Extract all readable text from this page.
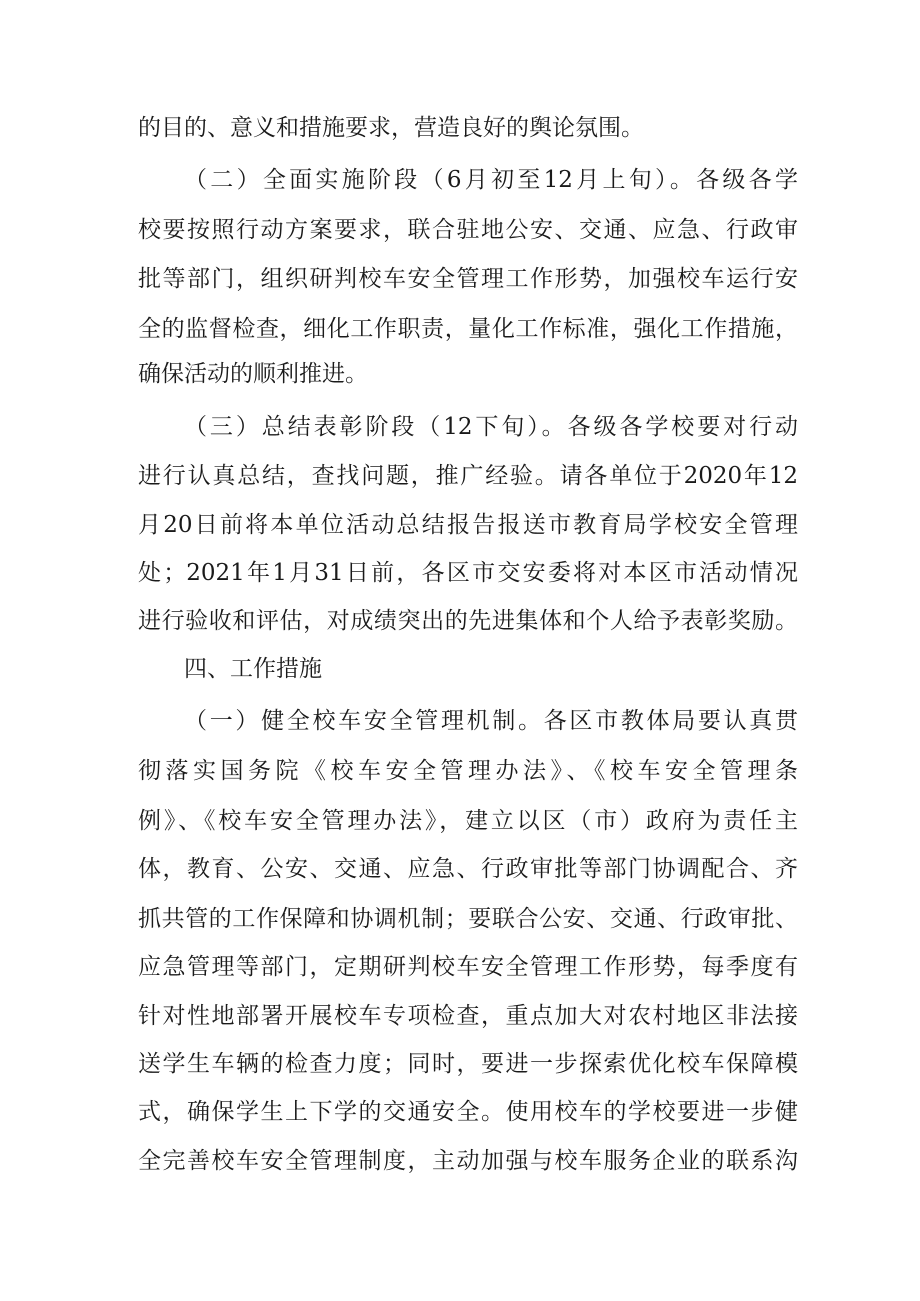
的目的、意义和措施要求，营造良好的舆论氛围。
（二）全面实施阶段（6月初至12月上旬）。各级各学
校要按照行动方案要求，联合驻地公安、交通、应急、行政审
批等部门，组织研判校车安全管理工作形势，加强校车运行安
全的监督检查，细化工作职责，量化工作标准，强化工作措施，
确保活动的顺利推进。
（三）总结表彰阶段（12下旬）。各级各学校要对行动
进行认真总结，查找问题，推广经验。请各单位于2020年12
月20日前将本单位活动总结报告报送市教育局学校安全管理
处；2021年1月31日前，各区市交安委将对本区市活动情况
进行验收和评估，对成绩突出的先进集体和个人给予表彰奖励。
四、工作措施
（一）健全校车安全管理机制。各区市教体局要认真贯
彻落实国务院《校车安全管理办法》、《校车安全管理条
例》、《校车安全管理办法》，建立以区（市）政府为责任主
体，教育、公安、交通、应急、行政审批等部门协调配合、齐
抓共管的工作保障和协调机制；要联合公安、交通、行政审批、
应急管理等部门，定期研判校车安全管理工作形势，每季度有
针对性地部署开展校车专项检查，重点加大对农村地区非法接
送学生车辆的检查力度；同时，要进一步探索优化校车保障模
式，确保学生上下学的交通安全。使用校车的学校要进一步健
全完善校车安全管理制度，主动加强与校车服务企业的联系沟
